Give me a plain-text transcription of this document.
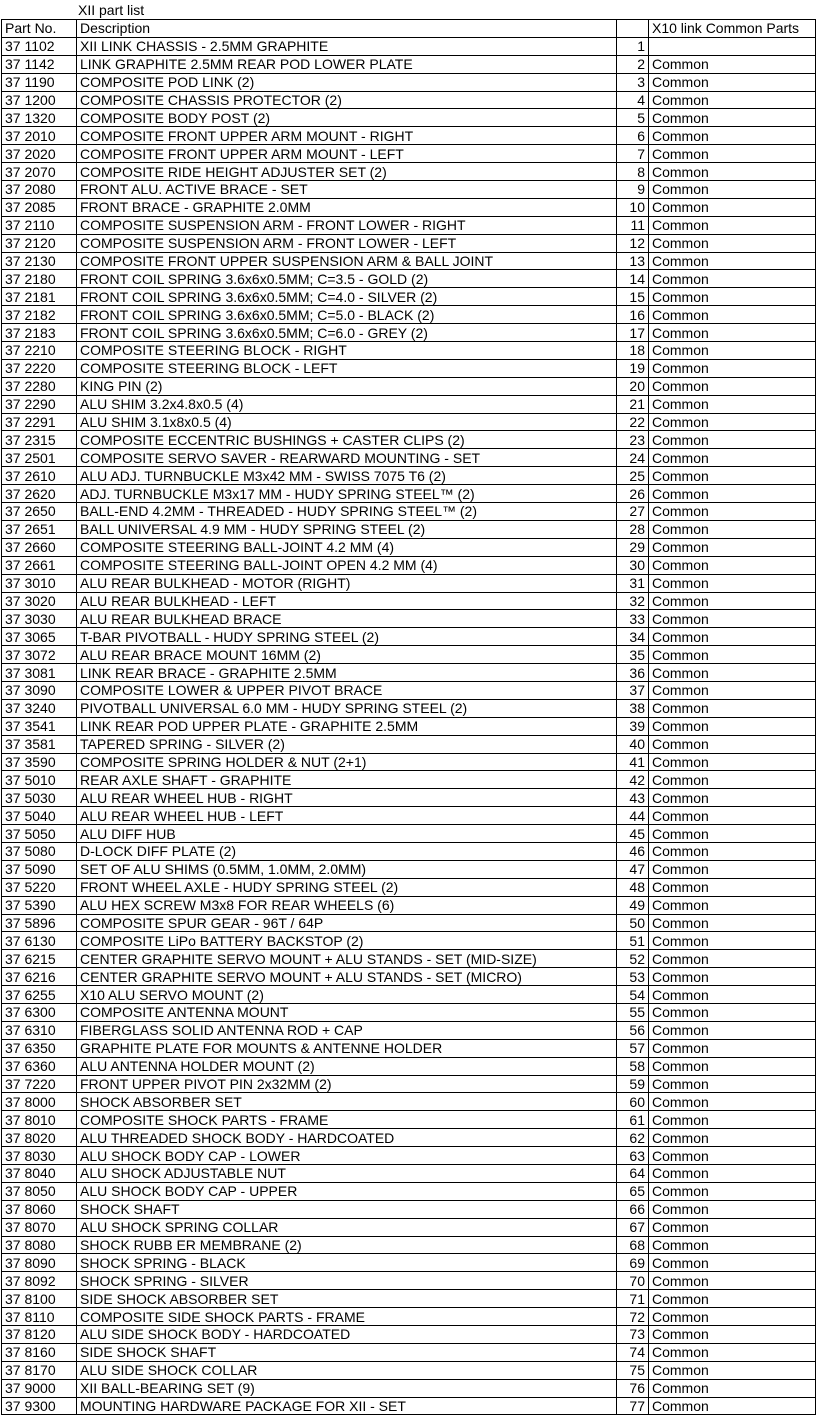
XII part list
Part No.	Description		X10 link Common Parts
37 1102	XII LINK CHASSIS - 2.5MM GRAPHITE	1	
37 1142	LINK GRAPHITE 2.5MM REAR POD LOWER PLATE	2	Common
37 1190	COMPOSITE POD LINK (2)	3	Common
37 1200	COMPOSITE CHASSIS PROTECTOR (2)	4	Common
37 1320	COMPOSITE BODY POST (2)	5	Common
37 2010	COMPOSITE FRONT UPPER ARM MOUNT - RIGHT	6	Common
37 2020	COMPOSITE FRONT UPPER ARM MOUNT - LEFT	7	Common
37 2070	COMPOSITE RIDE HEIGHT ADJUSTER SET (2)	8	Common
37 2080	FRONT ALU. ACTIVE BRACE - SET	9	Common
37 2085	FRONT BRACE - GRAPHITE 2.0MM	10	Common
37 2110	COMPOSITE SUSPENSION ARM - FRONT LOWER - RIGHT	11	Common
37 2120	COMPOSITE SUSPENSION ARM - FRONT LOWER - LEFT	12	Common
37 2130	COMPOSITE FRONT UPPER SUSPENSION ARM & BALL JOINT	13	Common
37 2180	FRONT COIL SPRING 3.6x6x0.5MM; C=3.5 - GOLD (2)	14	Common
37 2181	FRONT COIL SPRING 3.6x6x0.5MM; C=4.0 - SILVER (2)	15	Common
37 2182	FRONT COIL SPRING 3.6x6x0.5MM; C=5.0 - BLACK (2)	16	Common
37 2183	FRONT COIL SPRING 3.6x6x0.5MM; C=6.0 - GREY (2)	17	Common
37 2210	COMPOSITE STEERING BLOCK - RIGHT	18	Common
37 2220	COMPOSITE STEERING BLOCK - LEFT	19	Common
37 2280	KING PIN (2)	20	Common
37 2290	ALU SHIM 3.2x4.8x0.5 (4)	21	Common
37 2291	ALU SHIM 3.1x8x0.5 (4)	22	Common
37 2315	COMPOSITE ECCENTRIC BUSHINGS + CASTER CLIPS (2)	23	Common
37 2501	COMPOSITE SERVO SAVER - REARWARD MOUNTING - SET	24	Common
37 2610	ALU ADJ. TURNBUCKLE M3x42 MM - SWISS 7075 T6 (2)	25	Common
37 2620	ADJ. TURNBUCKLE M3x17 MM - HUDY SPRING STEEL™ (2)	26	Common
37 2650	BALL-END 4.2MM - THREADED - HUDY SPRING STEEL™ (2)	27	Common
37 2651	BALL UNIVERSAL 4.9 MM - HUDY SPRING STEEL (2)	28	Common
37 2660	COMPOSITE STEERING BALL-JOINT 4.2 MM (4)	29	Common
37 2661	COMPOSITE STEERING BALL-JOINT OPEN 4.2 MM (4)	30	Common
37 3010	ALU REAR BULKHEAD - MOTOR (RIGHT)	31	Common
37 3020	ALU REAR BULKHEAD - LEFT	32	Common
37 3030	ALU REAR BULKHEAD BRACE	33	Common
37 3065	T-BAR PIVOTBALL - HUDY SPRING STEEL (2)	34	Common
37 3072	ALU REAR BRACE MOUNT 16MM (2)	35	Common
37 3081	LINK REAR BRACE - GRAPHITE 2.5MM	36	Common
37 3090	COMPOSITE LOWER & UPPER PIVOT BRACE	37	Common
37 3240	PIVOTBALL UNIVERSAL 6.0 MM - HUDY SPRING STEEL (2)	38	Common
37 3541	LINK REAR POD UPPER PLATE - GRAPHITE 2.5MM	39	Common
37 3581	TAPERED SPRING - SILVER (2)	40	Common
37 3590	COMPOSITE SPRING HOLDER & NUT (2+1)	41	Common
37 5010	REAR AXLE SHAFT - GRAPHITE	42	Common
37 5030	ALU REAR WHEEL HUB - RIGHT	43	Common
37 5040	ALU REAR WHEEL HUB - LEFT	44	Common
37 5050	ALU DIFF HUB	45	Common
37 5080	D-LOCK DIFF PLATE (2)	46	Common
37 5090	SET OF ALU SHIMS (0.5MM, 1.0MM, 2.0MM)	47	Common
37 5220	FRONT WHEEL AXLE - HUDY SPRING STEEL (2)	48	Common
37 5390	ALU HEX SCREW M3x8 FOR REAR WHEELS (6)	49	Common
37 5896	COMPOSITE SPUR GEAR - 96T / 64P	50	Common
37 6130	COMPOSITE LiPo BATTERY BACKSTOP (2)	51	Common
37 6215	CENTER GRAPHITE SERVO MOUNT + ALU STANDS - SET (MID-SIZE)	52	Common
37 6216	CENTER GRAPHITE SERVO MOUNT + ALU STANDS - SET (MICRO)	53	Common
37 6255	X10 ALU SERVO MOUNT (2)	54	Common
37 6300	COMPOSITE ANTENNA MOUNT	55	Common
37 6310	FIBERGLASS SOLID ANTENNA ROD + CAP	56	Common
37 6350	GRAPHITE PLATE FOR MOUNTS & ANTENNE HOLDER	57	Common
37 6360	ALU ANTENNA HOLDER MOUNT (2)	58	Common
37 7220	FRONT UPPER PIVOT PIN 2x32MM (2)	59	Common
37 8000	SHOCK ABSORBER SET	60	Common
37 8010	COMPOSITE SHOCK PARTS - FRAME	61	Common
37 8020	ALU THREADED SHOCK BODY - HARDCOATED	62	Common
37 8030	ALU SHOCK BODY CAP - LOWER	63	Common
37 8040	ALU SHOCK ADJUSTABLE NUT	64	Common
37 8050	ALU SHOCK BODY CAP - UPPER	65	Common
37 8060	SHOCK SHAFT	66	Common
37 8070	ALU SHOCK SPRING COLLAR	67	Common
37 8080	SHOCK RUBB ER MEMBRANE (2)	68	Common
37 8090	SHOCK SPRING - BLACK	69	Common
37 8092	SHOCK SPRING - SILVER	70	Common
37 8100	SIDE SHOCK ABSORBER SET	71	Common
37 8110	COMPOSITE SIDE SHOCK PARTS - FRAME	72	Common
37 8120	ALU SIDE SHOCK BODY - HARDCOATED	73	Common
37 8160	SIDE SHOCK SHAFT	74	Common
37 8170	ALU SIDE SHOCK COLLAR	75	Common
37 9000	XII BALL-BEARING SET (9)	76	Common
37 9300	MOUNTING HARDWARE PACKAGE FOR XII - SET	77	Common
